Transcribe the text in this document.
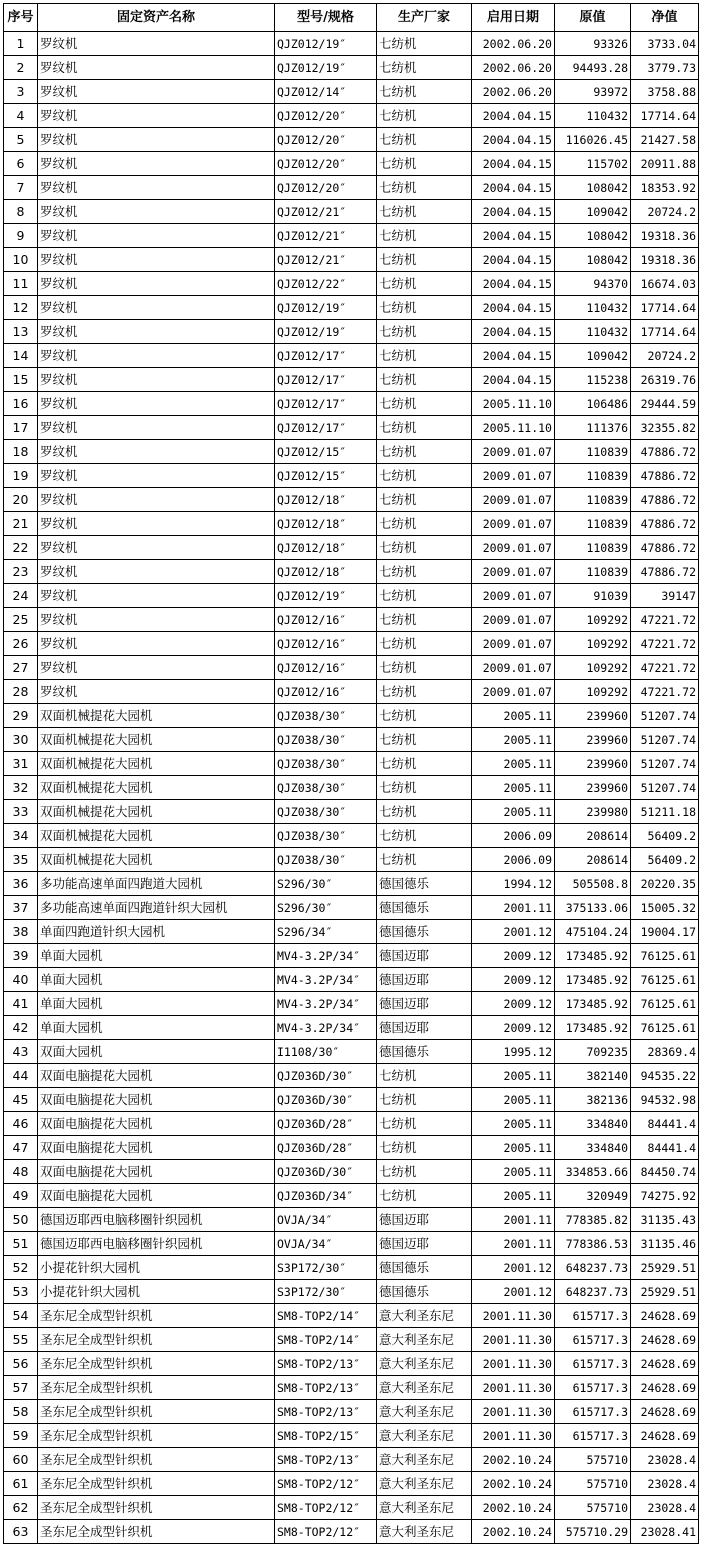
序号	固定资产名称	型号/规格	生产厂家	启用日期	原值	净值
1	罗纹机	QJZ012/19″	七纺机	2002.06.20	93326	3733.04
2	罗纹机	QJZ012/19″	七纺机	2002.06.20	94493.28	3779.73
3	罗纹机	QJZ012/14″	七纺机	2002.06.20	93972	3758.88
4	罗纹机	QJZ012/20″	七纺机	2004.04.15	110432	17714.64
5	罗纹机	QJZ012/20″	七纺机	2004.04.15	116026.45	21427.58
6	罗纹机	QJZ012/20″	七纺机	2004.04.15	115702	20911.88
7	罗纹机	QJZ012/20″	七纺机	2004.04.15	108042	18353.92
8	罗纹机	QJZ012/21″	七纺机	2004.04.15	109042	20724.2
9	罗纹机	QJZ012/21″	七纺机	2004.04.15	108042	19318.36
10	罗纹机	QJZ012/21″	七纺机	2004.04.15	108042	19318.36
11	罗纹机	QJZ012/22″	七纺机	2004.04.15	94370	16674.03
12	罗纹机	QJZ012/19″	七纺机	2004.04.15	110432	17714.64
13	罗纹机	QJZ012/19″	七纺机	2004.04.15	110432	17714.64
14	罗纹机	QJZ012/17″	七纺机	2004.04.15	109042	20724.2
15	罗纹机	QJZ012/17″	七纺机	2004.04.15	115238	26319.76
16	罗纹机	QJZ012/17″	七纺机	2005.11.10	106486	29444.59
17	罗纹机	QJZ012/17″	七纺机	2005.11.10	111376	32355.82
18	罗纹机	QJZ012/15″	七纺机	2009.01.07	110839	47886.72
19	罗纹机	QJZ012/15″	七纺机	2009.01.07	110839	47886.72
20	罗纹机	QJZ012/18″	七纺机	2009.01.07	110839	47886.72
21	罗纹机	QJZ012/18″	七纺机	2009.01.07	110839	47886.72
22	罗纹机	QJZ012/18″	七纺机	2009.01.07	110839	47886.72
23	罗纹机	QJZ012/18″	七纺机	2009.01.07	110839	47886.72
24	罗纹机	QJZ012/19″	七纺机	2009.01.07	91039	39147
25	罗纹机	QJZ012/16″	七纺机	2009.01.07	109292	47221.72
26	罗纹机	QJZ012/16″	七纺机	2009.01.07	109292	47221.72
27	罗纹机	QJZ012/16″	七纺机	2009.01.07	109292	47221.72
28	罗纹机	QJZ012/16″	七纺机	2009.01.07	109292	47221.72
29	双面机械提花大园机	QJZ038/30″	七纺机	2005.11	239960	51207.74
30	双面机械提花大园机	QJZ038/30″	七纺机	2005.11	239960	51207.74
31	双面机械提花大园机	QJZ038/30″	七纺机	2005.11	239960	51207.74
32	双面机械提花大园机	QJZ038/30″	七纺机	2005.11	239960	51207.74
33	双面机械提花大园机	QJZ038/30″	七纺机	2005.11	239980	51211.18
34	双面机械提花大园机	QJZ038/30″	七纺机	2006.09	208614	56409.2
35	双面机械提花大园机	QJZ038/30″	七纺机	2006.09	208614	56409.2
36	多功能高速单面四跑道大园机	S296/30″	德国德乐	1994.12	505508.8	20220.35
37	多功能高速单面四跑道针织大园机	S296/30″	德国德乐	2001.11	375133.06	15005.32
38	单面四跑道针织大园机	S296/34″	德国德乐	2001.12	475104.24	19004.17
39	单面大园机	MV4-3.2P/34″	德国迈耶	2009.12	173485.92	76125.61
40	单面大园机	MV4-3.2P/34″	德国迈耶	2009.12	173485.92	76125.61
41	单面大园机	MV4-3.2P/34″	德国迈耶	2009.12	173485.92	76125.61
42	单面大园机	MV4-3.2P/34″	德国迈耶	2009.12	173485.92	76125.61
43	双面大园机	I1108/30″	德国德乐	1995.12	709235	28369.4
44	双面电脑提花大园机	QJZ036D/30″	七纺机	2005.11	382140	94535.22
45	双面电脑提花大园机	QJZ036D/30″	七纺机	2005.11	382136	94532.98
46	双面电脑提花大园机	QJZ036D/28″	七纺机	2005.11	334840	84441.4
47	双面电脑提花大园机	QJZ036D/28″	七纺机	2005.11	334840	84441.4
48	双面电脑提花大园机	QJZ036D/30″	七纺机	2005.11	334853.66	84450.74
49	双面电脑提花大园机	QJZ036D/34″	七纺机	2005.11	320949	74275.92
50	德国迈耶西电脑移圈针织园机	OVJA/34″	德国迈耶	2001.11	778385.82	31135.43
51	德国迈耶西电脑移圈针织园机	OVJA/34″	德国迈耶	2001.11	778386.53	31135.46
52	小提花针织大园机	S3P172/30″	德国德乐	2001.12	648237.73	25929.51
53	小提花针织大园机	S3P172/30″	德国德乐	2001.12	648237.73	25929.51
54	圣东尼全成型针织机	SM8-TOP2/14″	意大利圣东尼	2001.11.30	615717.3	24628.69
55	圣东尼全成型针织机	SM8-TOP2/14″	意大利圣东尼	2001.11.30	615717.3	24628.69
56	圣东尼全成型针织机	SM8-TOP2/13″	意大利圣东尼	2001.11.30	615717.3	24628.69
57	圣东尼全成型针织机	SM8-TOP2/13″	意大利圣东尼	2001.11.30	615717.3	24628.69
58	圣东尼全成型针织机	SM8-TOP2/13″	意大利圣东尼	2001.11.30	615717.3	24628.69
59	圣东尼全成型针织机	SM8-TOP2/15″	意大利圣东尼	2001.11.30	615717.3	24628.69
60	圣东尼全成型针织机	SM8-TOP2/13″	意大利圣东尼	2002.10.24	575710	23028.4
61	圣东尼全成型针织机	SM8-TOP2/12″	意大利圣东尼	2002.10.24	575710	23028.4
62	圣东尼全成型针织机	SM8-TOP2/12″	意大利圣东尼	2002.10.24	575710	23028.4
63	圣东尼全成型针织机	SM8-TOP2/12″	意大利圣东尼	2002.10.24	575710.29	23028.41
